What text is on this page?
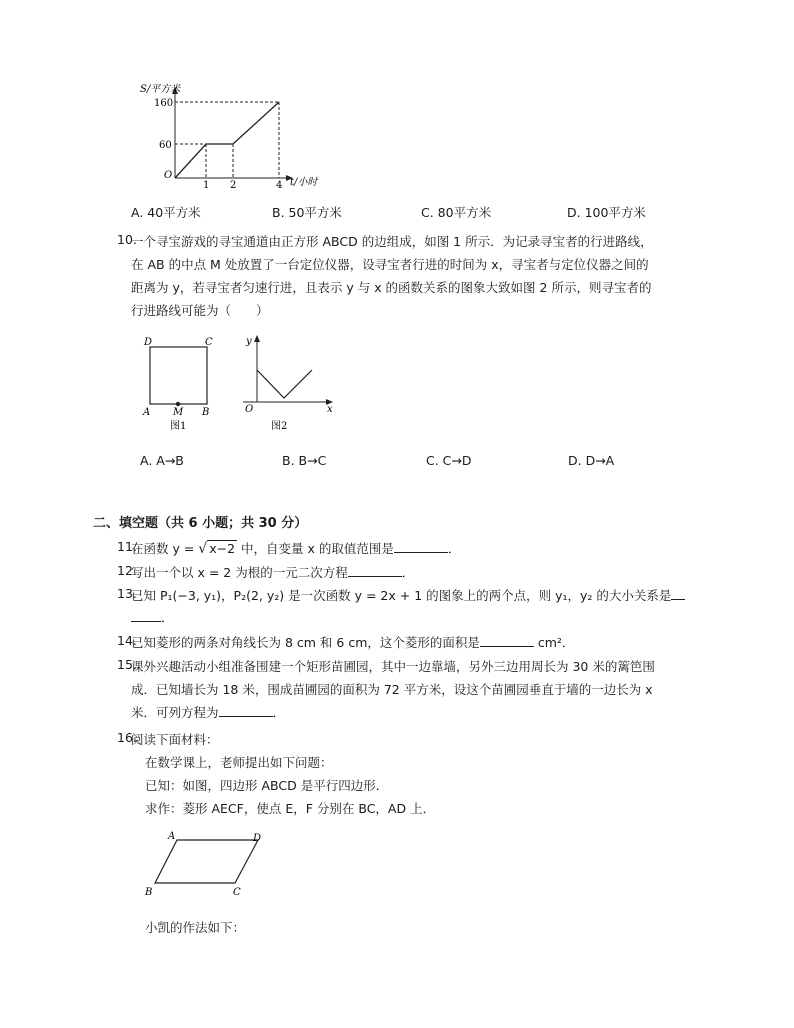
S/平方米
160
60
O
1 2	4 t/小时
A. 40平方米	B. 50平方米	C. 80平方米	D. 100平方米
10.
一个寻宝游戏的寻宝通道由正方形 ABCD 的边组成，如图 1 所示．为记录寻宝者的行进路线，
在 AB 的中点 M 处放置了一台定位仪器，设寻宝者行进的时间为 x，寻宝者与定位仪器之间的
距离为 y，若寻宝者匀速行进，且表示 y 与 x 的函数关系的图象大致如图 2 所示，则寻宝者的
行进路线可能为（　　）
D	C
A M B
图1
y
O	x
图2
A. A→B	B. B→C	C. C→D	D. D→A
二、填空题（共 6 小题；共 30 分）
11.
在函数 y = √ x−2 中，自变量 x 的取值范围是	．
12.
写出一个以 x = 2 为根的一元二次方程	．
13.
已知 P₁(−3, y₁)，P₂(2, y₂) 是一次函数 y = 2x + 1 的图象上的两个点，则 y₁，y₂ 的大小关系是
．
14.
已知菱形的两条对角线长为 8 cm 和 6 cm，这个菱形的面积是	cm²．
15.
课外兴趣活动小组准备围建一个矩形苗圃园，其中一边靠墙，另外三边用周长为 30 米的篱笆围
成．已知墙长为 18 米，围成苗圃园的面积为 72 平方米，设这个苗圃园垂直于墙的一边长为 x
米．可列方程为	．
16.
阅读下面材料：
在数学课上，老师提出如下问题：
已知：如图，四边形 ABCD 是平行四边形．
求作：菱形 AECF，使点 E，F 分别在 BC，AD 上．
A	D
B	C
小凯的作法如下：
